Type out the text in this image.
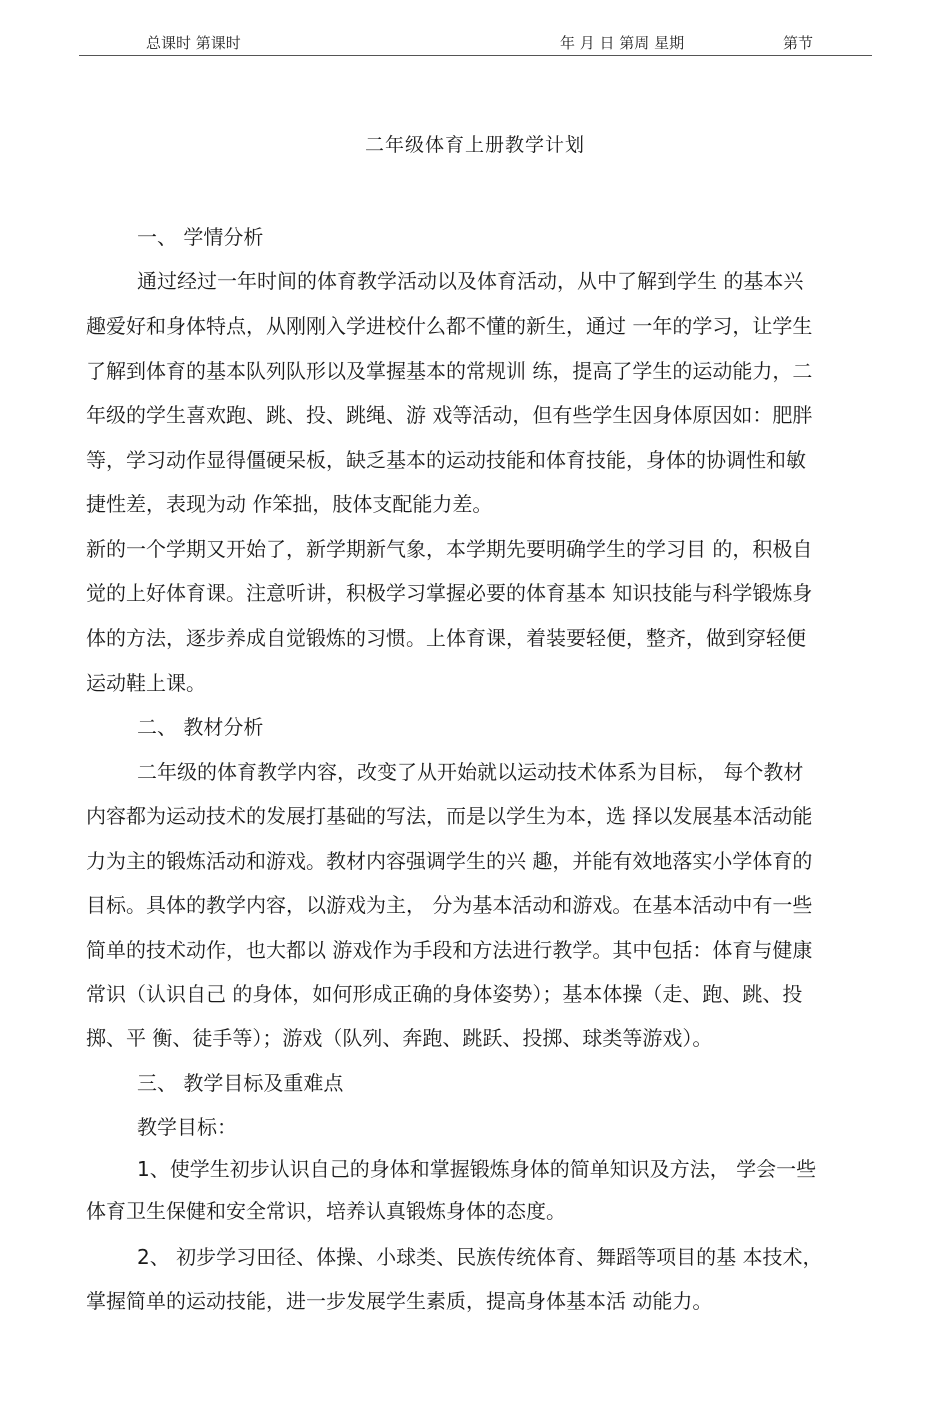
总课时 第课时	年 月 日 第周 星期	第节
二年级体育上册教学计划
一、 学情分析
通过经过一年时间的体育教学活动以及体育活动，从中了解到学生 的基本兴
趣爱好和身体特点，从刚刚入学进校什么都不懂的新生，通过 一年的学习，让学生
了解到体育的基本队列队形以及掌握基本的常规训 练，提高了学生的运动能力，二
年级的学生喜欢跑、跳、投、跳绳、游 戏等活动，但有些学生因身体原因如：肥胖
等，学习动作显得僵硬呆板，缺乏基本的运动技能和体育技能，身体的协调性和敏
捷性差，表现为动 作笨拙，肢体支配能力差。
新的一个学期又开始了，新学期新气象，本学期先要明确学生的学习目 的，积极自
觉的上好体育课。注意听讲，积极学习掌握必要的体育基本 知识技能与科学锻炼身
体的方法，逐步养成自觉锻炼的习惯。上体育课，着装要轻便，整齐，做到穿轻便
运动鞋上课。
二、 教材分析
二年级的体育教学内容，改变了从开始就以运动技术体系为目标， 每个教材
内容都为运动技术的发展打基础的写法，而是以学生为本，选 择以发展基本活动能
力为主的锻炼活动和游戏。教材内容强调学生的兴 趣，并能有效地落实小学体育的
目标。具体的教学内容，以游戏为主， 分为基本活动和游戏。在基本活动中有一些
简单的技术动作，也大都以 游戏作为手段和方法进行教学。其中包括：体育与健康
常识（认识自己 的身体，如何形成正确的身体姿势）；基本体操（走、跑、跳、投
掷、平 衡、徒手等）；游戏（队列、奔跑、跳跃、投掷、球类等游戏）。
三、 教学目标及重难点
教学目标：
1、使学生初步认识自己的身体和掌握锻炼身体的简单知识及方法， 学会一些
体育卫生保健和安全常识，培养认真锻炼身体的态度。
2、 初步学习田径、体操、小球类、民族传统体育、舞蹈等项目的基 本技术，
掌握简单的运动技能，进一步发展学生素质，提高身体基本活 动能力。
